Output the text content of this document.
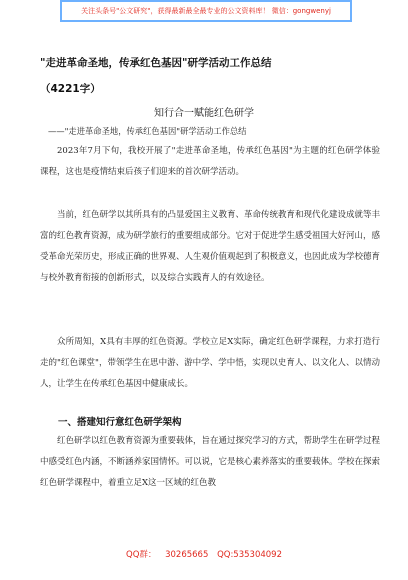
关注头条号"公文研究"，获得最新最全最专业的公文资料库！ 微信：gongwenyj
"走进革命圣地，传承红色基因"研学活动工作总结
（4221字）
知行合一赋能红色研学
——"走进革命圣地，传承红色基因"研学活动工作总结

2023年7月下旬，我校开展了"走进革命圣地，传承红色基因"为主题的红色研学体验课程，这也是疫情结束后孩子们迎来的首次研学活动。

当前，红色研学以其所具有的凸显爱国主义教育、革命传统教育和现代化建设成就等丰富的红色教育资源，成为研学旅行的重要组成部分。它对于促进学生感受祖国大好河山，感受革命光荣历史，形成正确的世界观、人生观价值观起到了积极意义，也因此成为学校德育与校外教育衔接的创新形式，以及综合实践育人的有效途径。

众所周知，X具有丰厚的红色资源。学校立足X实际，确定红色研学课程，力求打造行走的"红色课堂"，带领学生在思中游、游中学、学中悟，实现以史育人、以文化人、以情动人，让学生在传承红色基因中健康成长。

一、搭建知行意红色研学架构

红色研学以红色教育资源为重要载体，旨在通过探究学习的方式，帮助学生在研学过程中感受红色内涵，不断涵养家国情怀。可以说，它是核心素养落实的重要载体。学校在探索红色研学课程中，着重立足X这一区域的红色教

QQ群： 30265665 QQ:535304092
